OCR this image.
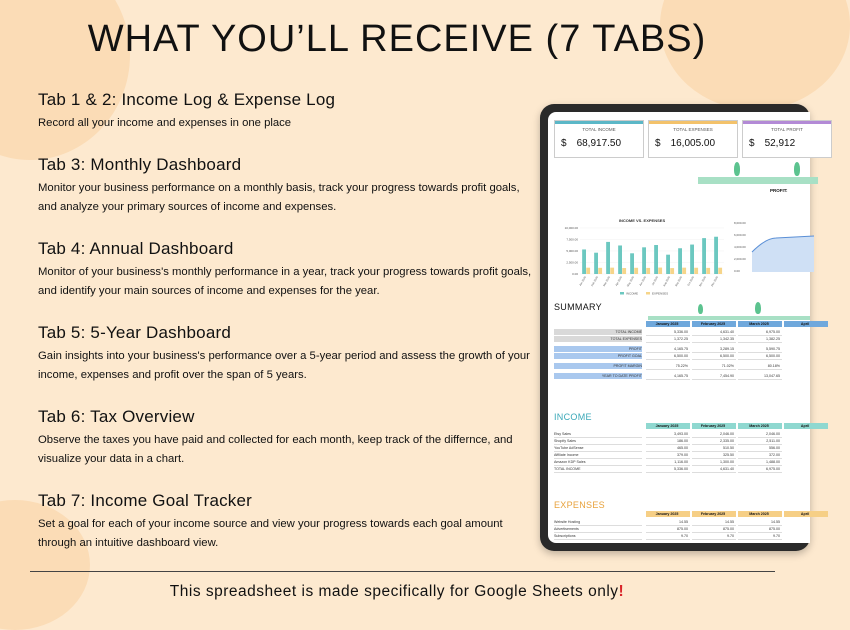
WHAT YOU’LL RECEIVE (7 TABS)
Tab 1 & 2: Income Log & Expense Log
Record all your income and expenses in one place
Tab 3: Monthly Dashboard
Monitor your business performance on a monthly basis, track your progress towards profit goals, and analyze your primary sources of income and expenses.
Tab 4: Annual Dashboard
Monitor of your business's monthly performance in a year, track your progress towards profit goals, and identify your main sources of income and expenses for the year.
Tab 5: 5-Year Dashboard
Gain insights into your business's performance over a 5-year period and assess the growth of your income, expenses and profit over the span of 5 years.
Tab 6: Tax Overview
Observe the taxes you have paid and collected for each month, keep track of the differnce, and visualize your data in a chart.
Tab 7: Income Goal Tracker
Set a goal for each of your income source and view your progress towards each goal amount through an intuitive dashboard view.
This spreadsheet is made specifically for Google Sheets only!
TOTAL INCOME
$ 68,917.50
TOTAL EXPENSES
$ 16,005.00
TOTAL PROFIT
$ 52,912
PROFIT:
INCOME VS. EXPENSES
10,000.00
7,500.00
5,000.00
2,500.00
0.00
Jan 2025	Feb 2025	Mar 2025	Apr 2025	May 2025	Jun 2025	Jul 2025	Aug 2025	Sep 2025	Oct 2025	Nov 2025	Dec 2025
INCOME	EXPENSES
8,000.00
6,000.00
4,000.00
2,000.00
0.00
SUMMARY
January 2025	February 2025	March 2025	April
TOTAL INCOME	5,336.00	4,631.40	6,975.00
TOTAL EXPENSES	1,372.25	1,342.35	1,382.25
PROFIT	4,165.75	3,289.15	5,590.75
PROFIT GOAL	6,500.00	6,500.00	6,500.00
PROFIT MARGIN	75.22%	71.02%	80.18%
YEAR TO DATE PROFIT	4,165.75	7,454.90	13,047.65
INCOME
January 2025	February 2025	March 2025	April
Etsy Sales	3,493.00	2,046.00	2,046.00
Shopify Sales	186.00	2,335.00	2,511.00
YouTube AdSense	465.00	510.50	556.00
Affiliate Income	379.00	325.50	372.00
Amazon KDP Sales	1,116.00	1,300.00	1,488.00
TOTAL INCOME	5,336.00	4,631.40	6,975.00
EXPENSES
January 2025	February 2025	March 2025	April
Website Hosting	14.55	14.55	14.55
Advertisements	875.00	875.00	875.00
Subscriptions	9.70	9.70	9.70
